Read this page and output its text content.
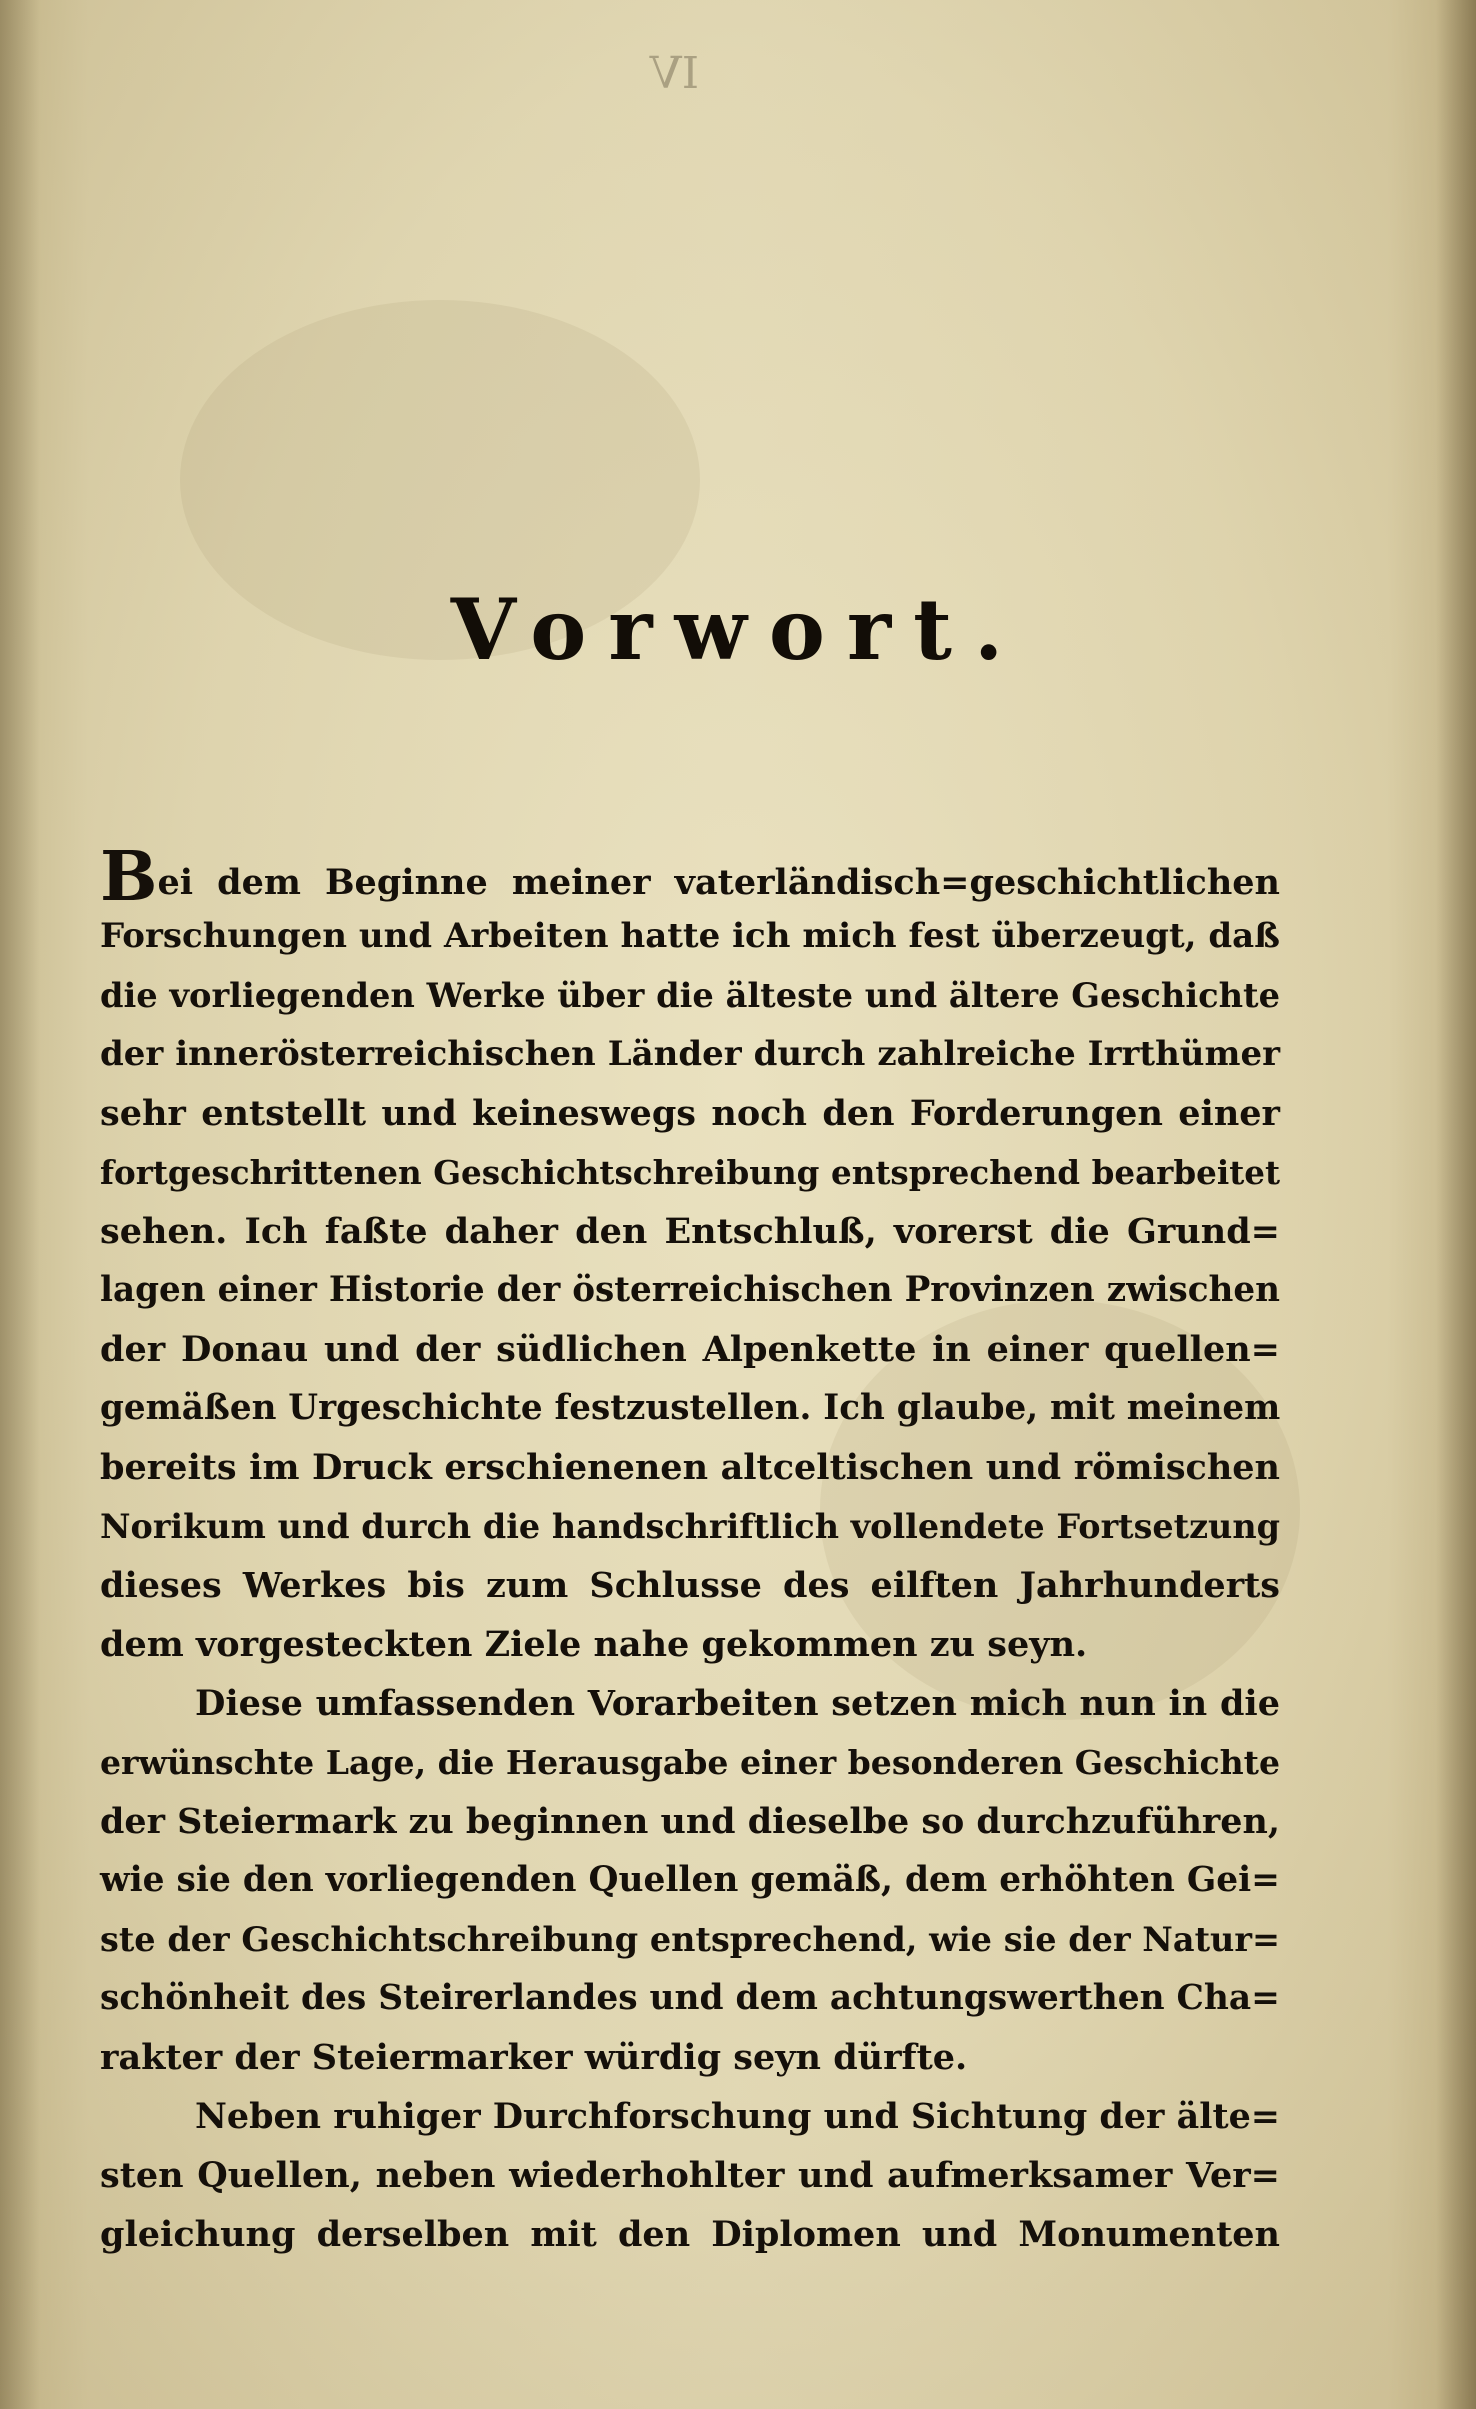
IV
Vorwort.
Bei dem Beginne meiner vaterländisch=geschichtlichen
Forschungen und Arbeiten hatte ich mich fest überzeugt, daß
die vorliegenden Werke über die älteste und ältere Geschichte
der innerösterreichischen Länder durch zahlreiche Irrthümer
sehr entstellt und keineswegs noch den Forderungen einer
fortgeschrittenen Geschichtschreibung entsprechend bearbeitet
sehen. Ich faßte daher den Entschluß, vorerst die Grund=
lagen einer Historie der österreichischen Provinzen zwischen
der Donau und der südlichen Alpenkette in einer quellen=
gemäßen Urgeschichte festzustellen. Ich glaube, mit meinem
bereits im Druck erschienenen altceltischen und römischen
Norikum und durch die handschriftlich vollendete Fortsetzung
dieses Werkes bis zum Schlusse des eilften Jahrhunderts
dem vorgesteckten Ziele nahe gekommen zu seyn.
Diese umfassenden Vorarbeiten setzen mich nun in die
erwünschte Lage, die Herausgabe einer besonderen Geschichte
der Steiermark zu beginnen und dieselbe so durchzuführen,
wie sie den vorliegenden Quellen gemäß, dem erhöhten Gei=
ste der Geschichtschreibung entsprechend, wie sie der Natur=
schönheit des Steirerlandes und dem achtungswerthen Cha=
rakter der Steiermarker würdig seyn dürfte.
Neben ruhiger Durchforschung und Sichtung der älte=
sten Quellen, neben wiederhohlter und aufmerksamer Ver=
gleichung derselben mit den Diplomen und Monumenten
